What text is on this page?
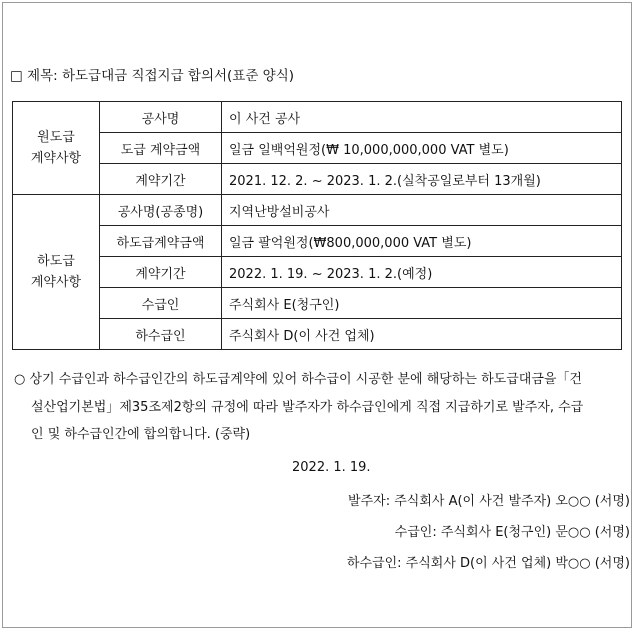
□ 제목: 하도급대금 직접지급 합의서(표준 양식)
원도급
계약사항	공사명	이 사건 공사
	도급 계약금액	일금 일백억원정(₩ 10,000,000,000 VAT 별도)
	계약기간	2021. 12. 2. ~ 2023. 1. 2.(실착공일로부터 13개월)
하도급
계약사항	공사명(공종명)	지역난방설비공사
	하도급계약금액	일금 팔억원정(₩800,000,000 VAT 별도)
	계약기간	2022. 1. 19. ~ 2023. 1. 2.(예정)
	수급인	주식회사 E(청구인)
	하수급인	주식회사 D(이 사건 업체)
○ 상기 수급인과 하수급인간의 하도급계약에 있어 하수급이 시공한 분에 해당하는 하도급대금을「건
설산업기본법」제35조제2항의 규정에 따라 발주자가 하수급인에게 직접 지급하기로 발주자, 수급
인 및 하수급인간에 합의합니다. (중략)
2022. 1. 19.
발주자: 주식회사 A(이 사건 발주자) 오○○ (서명)
수급인: 주식회사 E(청구인) 문○○ (서명)
하수급인: 주식회사 D(이 사건 업체) 박○○ (서명)
